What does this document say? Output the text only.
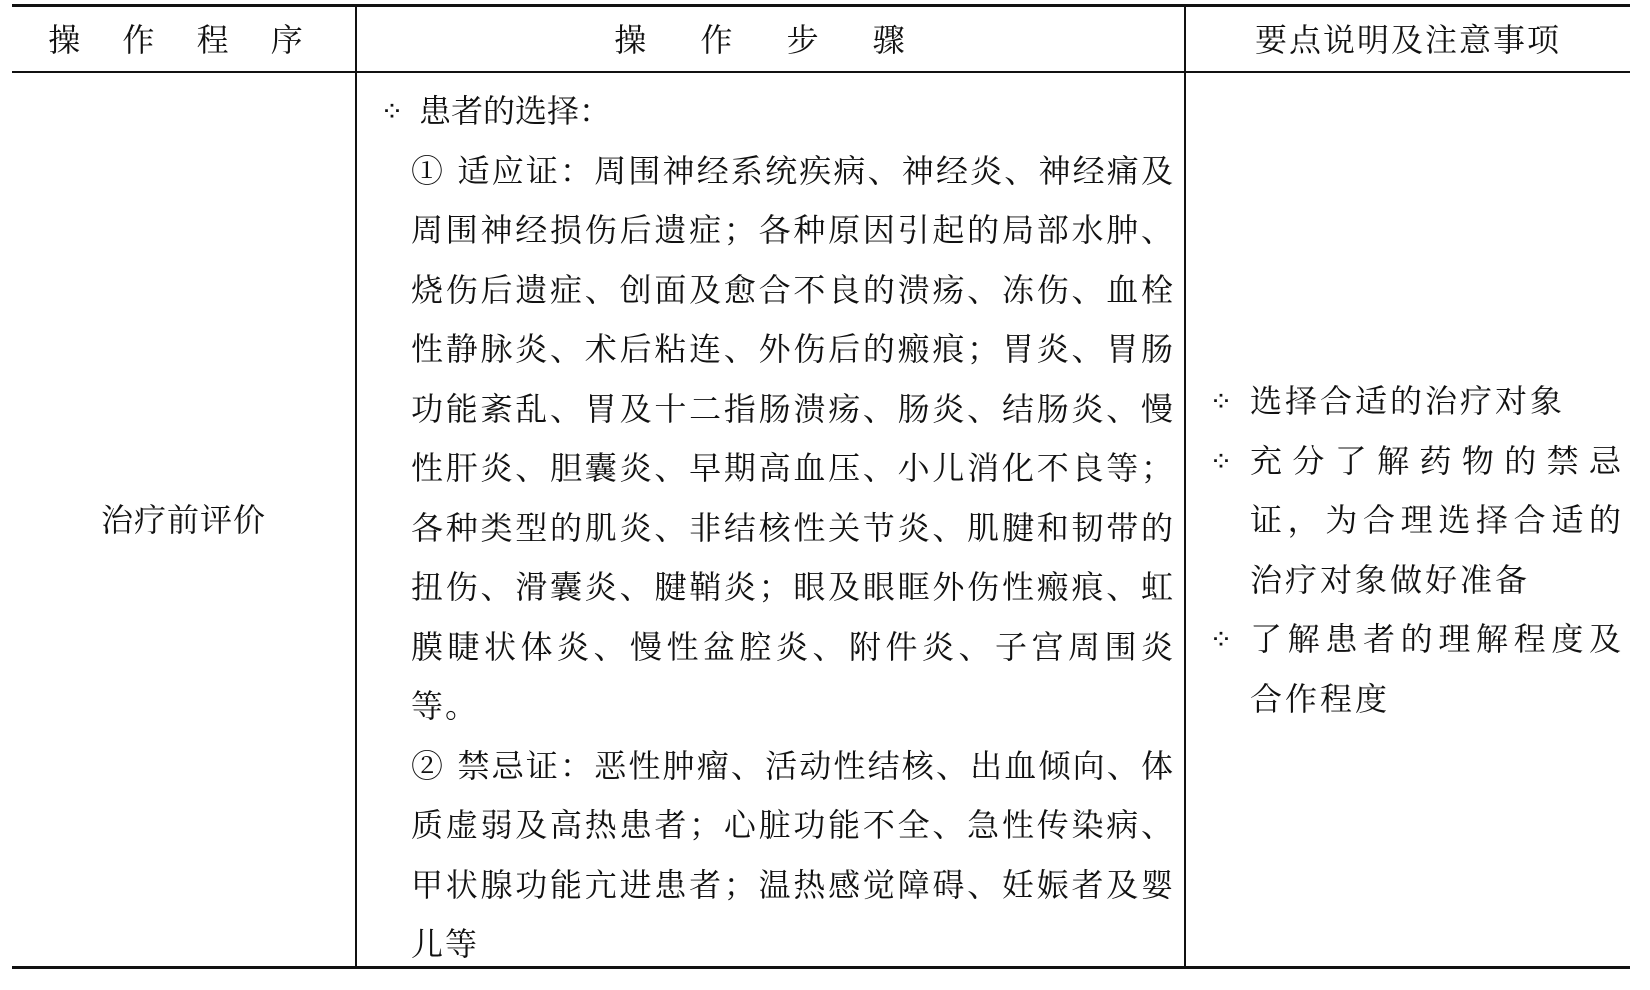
操 作 程 序	操 作 步 骤	要点说明及注意事项
治疗前评价
⁘ 患者的选择：
① 适应证：周围神经系统疾病、神经炎、神经痛及周围神经损伤后遗症；各种原因引起的局部水肿、烧伤后遗症、创面及愈合不良的溃疡、冻伤、血栓性静脉炎、术后粘连、外伤后的瘢痕；胃炎、胃肠功能紊乱、胃及十二指肠溃疡、肠炎、结肠炎、慢性肝炎、胆囊炎、早期高血压、小儿消化不良等；各种类型的肌炎、非结核性关节炎、肌腱和韧带的扭伤、滑囊炎、腱鞘炎；眼及眼眶外伤性瘢痕、虹膜睫状体炎、慢性盆腔炎、附件炎、子宫周围炎等。
② 禁忌证：恶性肿瘤、活动性结核、出血倾向、体质虚弱及高热患者；心脏功能不全、急性传染病、甲状腺功能亢进患者；温热感觉障碍、妊娠者及婴儿等
⁘ 选择合适的治疗对象
⁘ 充分了解药物的禁忌证，为合理选择合适的治疗对象做好准备
⁘ 了解患者的理解程度及合作程度
